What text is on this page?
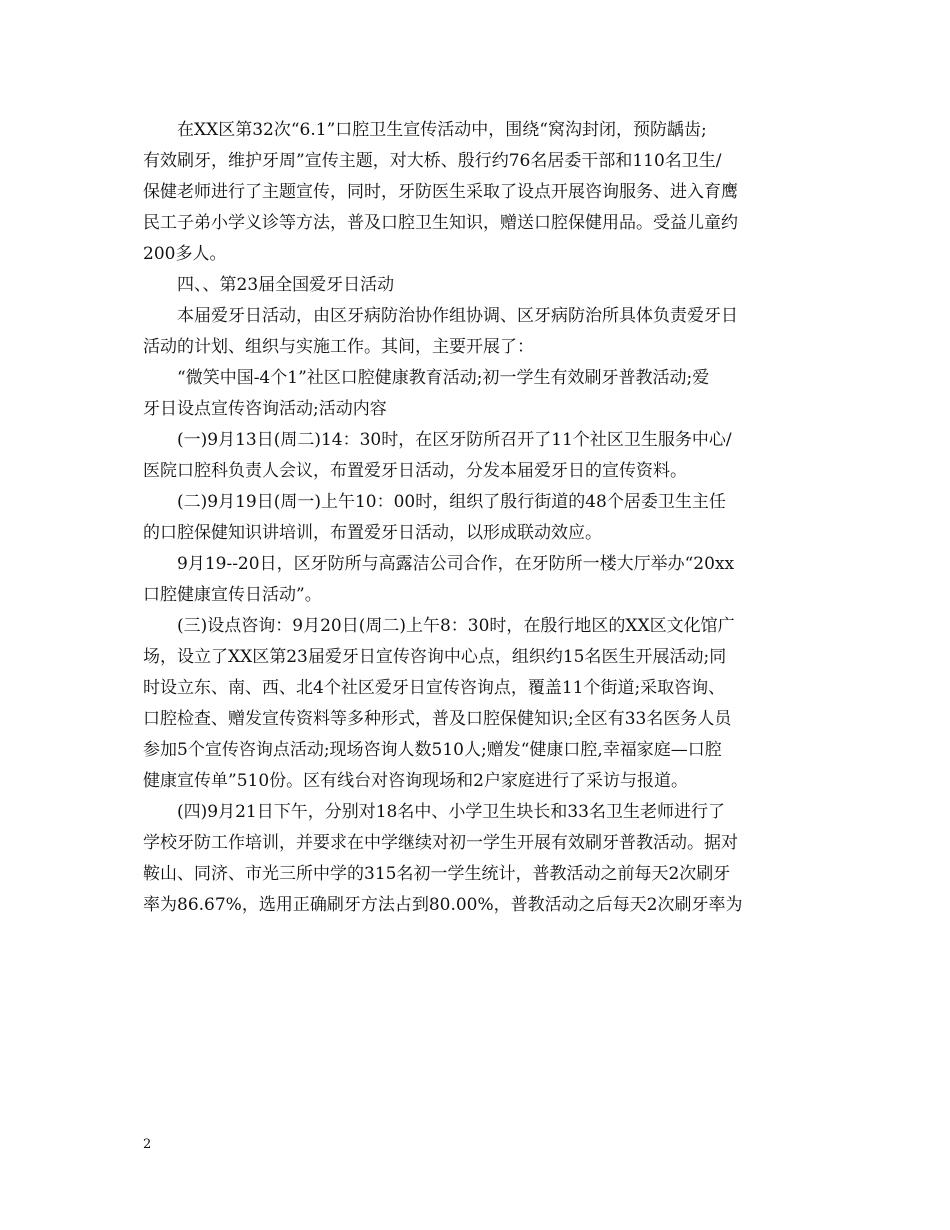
在XX区第32次“6.1”口腔卫生宣传活动中，围绕“窝沟封闭，预防龋齿;
有效刷牙，维护牙周”宣传主题，对大桥、殷行约76名居委干部和110名卫生/
保健老师进行了主题宣传，同时，牙防医生采取了设点开展咨询服务、进入育鹰
民工子弟小学义诊等方法，普及口腔卫生知识，赠送口腔保健用品。受益儿童约
200多人。
四、、第23届全国爱牙日活动
本届爱牙日活动，由区牙病防治协作组协调、区牙病防治所具体负责爱牙日
活动的计划、组织与实施工作。其间，主要开展了：
“微笑中国-4个1”社区口腔健康教育活动;初一学生有效刷牙普教活动;爱
牙日设点宣传咨询活动;活动内容
(一)9月13日(周二)14：30时，在区牙防所召开了11个社区卫生服务中心/
医院口腔科负责人会议，布置爱牙日活动，分发本届爱牙日的宣传资料。
(二)9月19日(周一)上午10：00时，组织了殷行街道的48个居委卫生主任
的口腔保健知识讲培训，布置爱牙日活动，以形成联动效应。
9月19--20日，区牙防所与高露洁公司合作，在牙防所一楼大厅举办“20xx
口腔健康宣传日活动”。
(三)设点咨询：9月20日(周二)上午8：30时，在殷行地区的XX区文化馆广
场，设立了XX区第23届爱牙日宣传咨询中心点，组织约15名医生开展活动;同
时设立东、南、西、北4个社区爱牙日宣传咨询点，覆盖11个街道;采取咨询、
口腔检查、赠发宣传资料等多种形式，普及口腔保健知识;全区有33名医务人员
参加5个宣传咨询点活动;现场咨询人数510人;赠发“健康口腔,幸福家庭—口腔
健康宣传单”510份。区有线台对咨询现场和2户家庭进行了采访与报道。
(四)9月21日下午，分别对18名中、小学卫生块长和33名卫生老师进行了
学校牙防工作培训，并要求在中学继续对初一学生开展有效刷牙普教活动。据对
鞍山、同济、市光三所中学的315名初一学生统计，普教活动之前每天2次刷牙
率为86.67%，选用正确刷牙方法占到80.00%，普教活动之后每天2次刷牙率为
2
